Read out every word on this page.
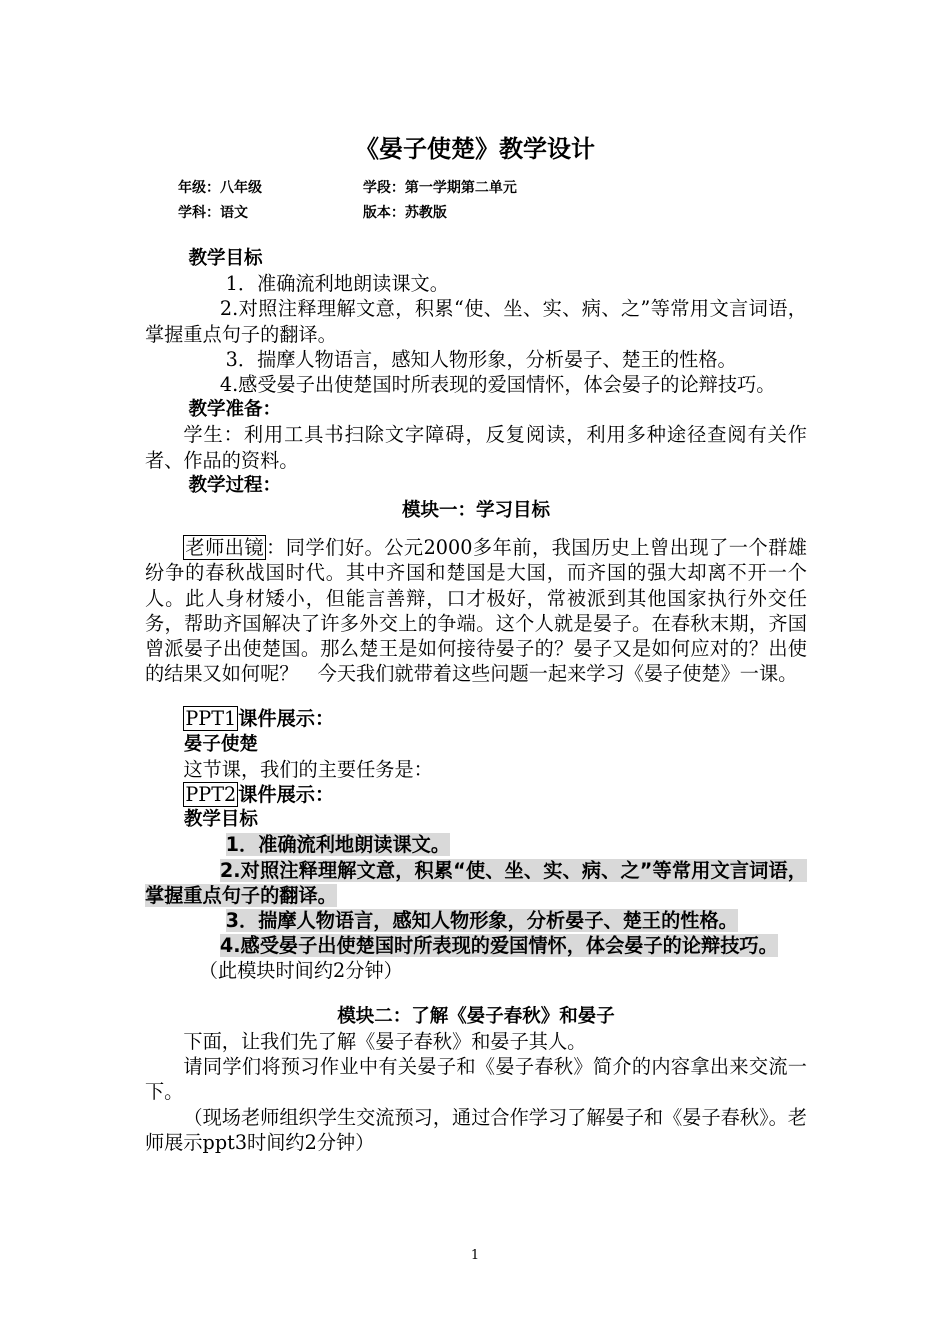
《晏子使楚》教学设计
年级：八年级	学段：第一学期第二单元
学科：语文	版本：苏教版

教学目标

1．准确流利地朗读课文。

2.对照注释理解文意，积累“使、坐、实、病、之”等常用文言词语，掌握重点句子的翻译。

3．揣摩人物语言，感知人物形象，分析晏子、楚王的性格。

4.感受晏子出使楚国时所表现的爱国情怀，体会晏子的论辩技巧。

教学准备：

学生：利用工具书扫除文字障碍，反复阅读，利用多种途径查阅有关作者、作品的资料。

教学过程：

模块一：学习目标

老师出镜 ：同学们好。公元2000多年前，我国历史上曾出现了一个群雄纷争的春秋战国时代。其中齐国和楚国是大国，而齐国的强大却离不开一个人。此人身材矮小，但能言善辩，口才极好，常被派到其他国家执行外交任务，帮助齐国解决了许多外交上的争端。这个人就是晏子。在春秋末期，齐国曾派晏子出使楚国。那么楚王是如何接待晏子的？晏子又是如何应对的？出使的结果又如何呢？　今天我们就带着这些问题一起来学习《晏子使楚》一课。

PPT1 课件展示：

晏子使楚

这节课，我们的主要任务是：

PPT2 课件展示：

教学目标

1．准确流利地朗读课文。

2.对照注释理解文意，积累“使、坐、实、病、之”等常用文言词语，掌握重点句子的翻译。

3．揣摩人物语言，感知人物形象，分析晏子、楚王的性格。

4.感受晏子出使楚国时所表现的爱国情怀，体会晏子的论辩技巧。

（此模块时间约2分钟）

模块二：了解《晏子春秋》和晏子

下面，让我们先了解《晏子春秋》和晏子其人。

请同学们将预习作业中有关晏子和《晏子春秋》简介的内容拿出来交流一下。

（现场老师组织学生交流预习，通过合作学习了解晏子和《晏子春秋》。老师展示ppt3时间约2分钟）

1
